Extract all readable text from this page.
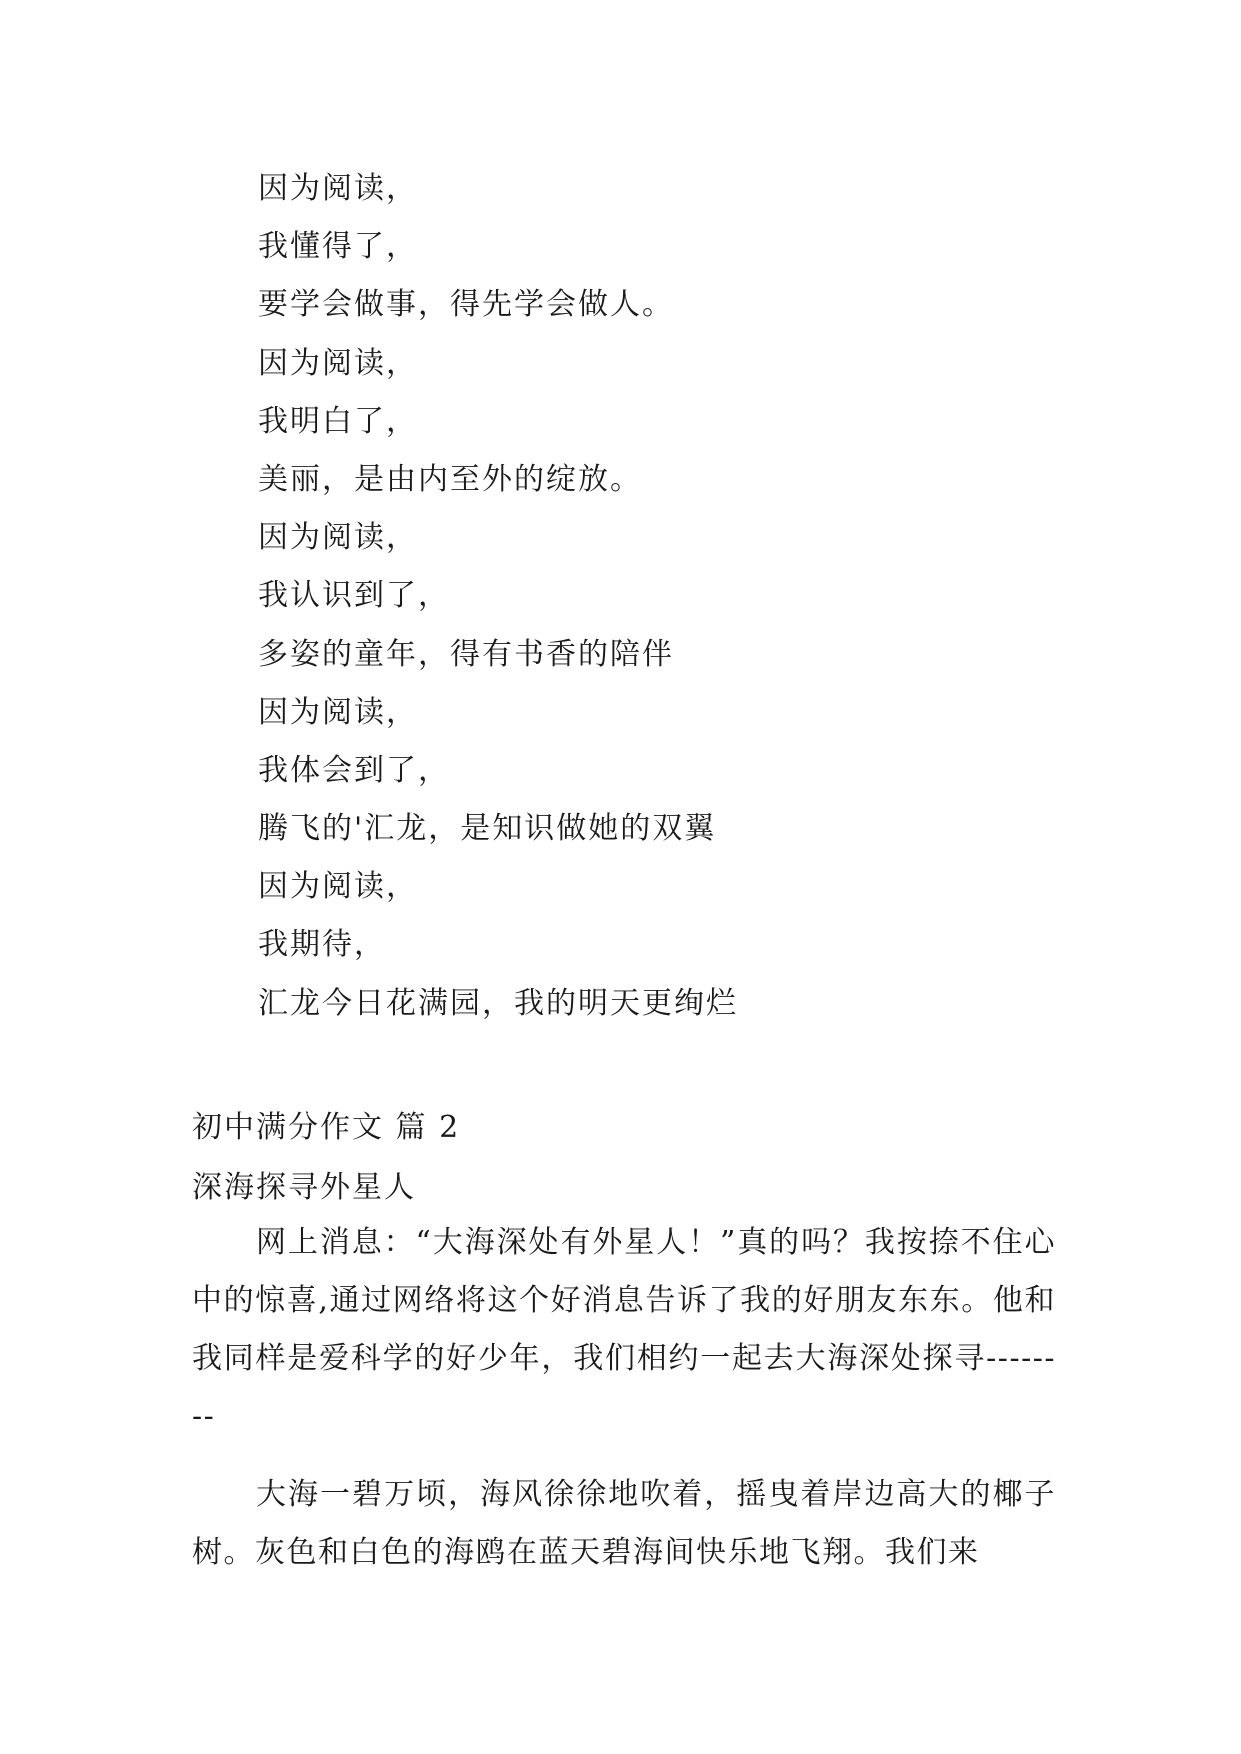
因为阅读，
我懂得了，
要学会做事，得先学会做人。
因为阅读，
我明白了，
美丽，是由内至外的绽放。
因为阅读，
我认识到了，
多姿的童年，得有书香的陪伴
因为阅读，
我体会到了，
腾飞的'汇龙，是知识做她的双翼
因为阅读，
我期待，
汇龙今日花满园，我的明天更绚烂
初中满分作文 篇 2
深海探寻外星人

网上消息：“大海深处有外星人！”真的吗？我按捺不住心中的惊喜,通过网络将这个好消息告诉了我的好朋友东东。他和我同样是爱科学的好少年，我们相约一起去大海深处探寻--------

大海一碧万顷，海风徐徐地吹着，摇曳着岸边高大的椰子树。灰色和白色的海鸥在蓝天碧海间快乐地飞翔。我们来
